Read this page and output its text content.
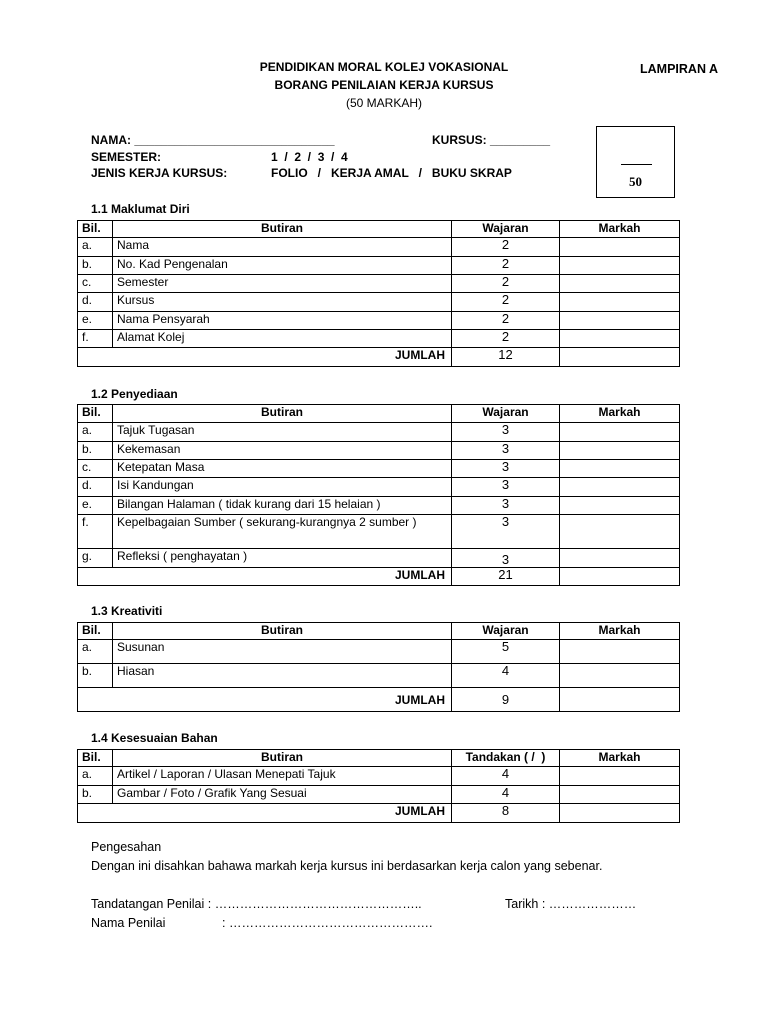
PENDIDIKAN MORAL KOLEJ VOKASIONAL
BORANG PENILAIAN KERJA KURSUS
(50 MARKAH)
LAMPIRAN A
NAMA: ______________________________	KURSUS: _________
SEMESTER:	1  /  2  /  3  /  4
JENIS KERJA KURSUS:	FOLIO   /   KERJA AMAL   /   BUKU SKRAP
50
1.1 Maklumat Diri
Bil.	Butiran	Wajaran	Markah
a.	Nama	2	
b.	No. Kad Pengenalan	2	
c.	Semester	2	
d.	Kursus	2	
e.	Nama Pensyarah	2	
f.	Alamat Kolej	2	
JUMLAH		12	
1.2 Penyediaan
Bil.	Butiran	Wajaran	Markah
a.	Tajuk Tugasan	3	
b.	Kekemasan	3	
c.	Ketepatan Masa	3	
d.	Isi Kandungan	3	
e.	Bilangan Halaman ( tidak kurang dari 15 helaian )	3	
f.	Kepelbagaian Sumber ( sekurang-kurangnya 2 sumber )	3	
g.	Refleksi ( penghayatan )	3	
JUMLAH		21	
1.3 Kreativiti
Bil.	Butiran	Wajaran	Markah
a.	Susunan	5	
b.	Hiasan	4	
JUMLAH		9	
1.4 Kesesuaian Bahan
Bil.	Butiran	Tandakan ( /  )	Markah
a.	Artikel / Laporan / Ulasan Menepati Tajuk	4	
b.	Gambar / Foto / Grafik Yang Sesuai	4	
JUMLAH		8	
Pengesahan
Dengan ini disahkan bahawa markah kerja kursus ini berdasarkan kerja calon yang sebenar.
Tandatangan Penilai : …………………………………………..	Tarikh : …………………
Nama Penilai	: ………………………………………….
